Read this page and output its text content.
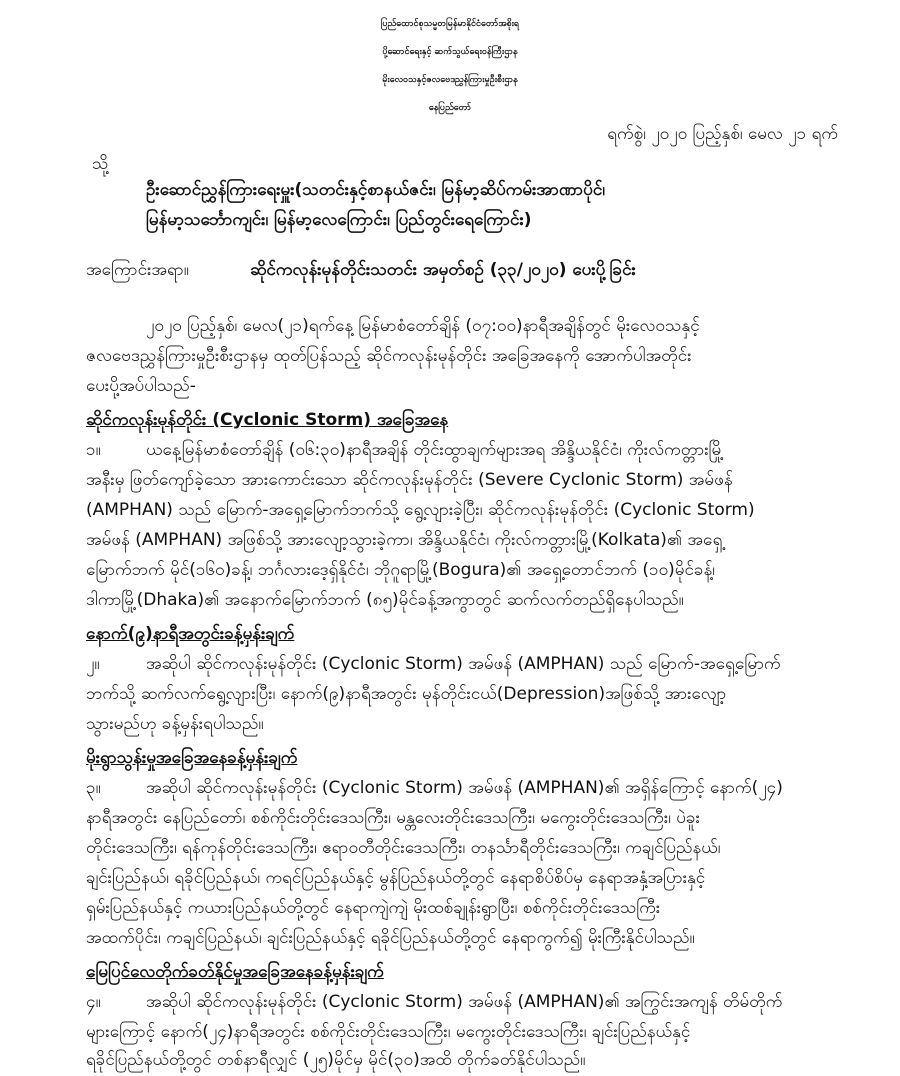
ပြည်ထောင်စုသမ္မတမြန်မာနိုင်ငံတော်အစိုးရ
ပို့ဆောင်ရေးနှင့် ဆက်သွယ်ရေးဝန်ကြီးဌာန
မိုးလေဝသနှင့်ဇလဗေဒညွှန်ကြားမှုဦးစီးဌာန
နေပြည်တော်
ရက်စွဲ၊ ၂၀၂၀ ပြည့်နှစ်၊ မေလ ၂၁ ရက်
သို့
ဦးဆောင်ညွှန်ကြားရေးမှူး(သတင်းနှင့်စာနယ်ဇင်း၊ မြန်မာ့ဆိပ်ကမ်းအာဏာပိုင်၊
မြန်မာ့သင်္ဘောကျင်း၊ မြန်မာ့လေကြောင်း၊ ပြည်တွင်းရေကြောင်း)
အကြောင်းအရာ။	ဆိုင်ကလုန်းမုန်တိုင်းသတင်း အမှတ်စဉ် (၃၃/၂၀၂၀) ပေးပို့ခြင်း
၂၀၂၀ ပြည့်နှစ်၊ မေလ(၂၁)ရက်နေ့ မြန်မာစံတော်ချိန် (၀၇:၀၀)နာရီအချိန်တွင် မိုးလေဝသနှင့်
ဇလဗေဒညွှန်ကြားမှုဦးစီးဌာနမှ ထုတ်ပြန်သည့် ဆိုင်ကလုန်းမုန်တိုင်း အခြေအနေကို အောက်ပါအတိုင်း
ပေးပို့အပ်ပါသည်-
ဆိုင်ကလုန်းမုန်တိုင်း (Cyclonic Storm) အခြေအနေ
၁။	ယနေ့မြန်မာစံတော်ချိန် (၀၆:၃၀)နာရီအချိန် တိုင်းထွာချက်များအရ အိန္ဒိယနိုင်ငံ၊ ကိုးလ်ကတ္တားမြို့
အနီးမှ ဖြတ်ကျော်ခဲ့သော အားကောင်းသော ဆိုင်ကလုန်းမုန်တိုင်း (Severe Cyclonic Storm) အမ်ဖန်
(AMPHAN) သည် မြောက်-အရှေ့မြောက်ဘက်သို့ ရွေ့လျားခဲ့ပြီး၊ ဆိုင်ကလုန်းမုန်တိုင်း (Cyclonic Storm)
အမ်ဖန် (AMPHAN) အဖြစ်သို့ အားလျော့သွားခဲ့ကာ၊ အိန္ဒိယနိုင်ငံ၊ ကိုးလ်ကတ္တားမြို့(Kolkata)၏ အရှေ့
မြောက်ဘက် မိုင်(၁၆၀)ခန့်၊ ဘင်္ဂလားဒေ့ရှ်နိုင်ငံ၊ ဘိုဂူရာမြို့(Bogura)၏ အရှေ့တောင်ဘက် (၁၀)မိုင်ခန့်၊
ဒါကာမြို့(Dhaka)၏ အနောက်မြောက်ဘက် (၈၅)မိုင်ခန့်အကွာတွင် ဆက်လက်တည်ရှိနေပါသည်။
နောက်(၉)နာရီအတွင်းခန့်မှန်းချက်
၂။	အဆိုပါ ဆိုင်ကလုန်းမုန်တိုင်း (Cyclonic Storm) အမ်ဖန် (AMPHAN) သည် မြောက်-အရှေ့မြောက်
ဘက်သို့ ဆက်လက်ရွေ့လျားပြီး၊ နောက်(၉)နာရီအတွင်း မုန်တိုင်းငယ်(Depression)အဖြစ်သို့ အားလျော့
သွားမည်ဟု ခန့်မှန်းရပါသည်။
မိုးရွာသွန်းမှုအခြေအနေခန့်မှန်းချက်
၃။	အဆိုပါ ဆိုင်ကလုန်းမုန်တိုင်း (Cyclonic Storm) အမ်ဖန် (AMPHAN)၏ အရှိန်ကြောင့် နောက်(၂၄)
နာရီအတွင်း နေပြည်တော်၊ စစ်ကိုင်းတိုင်းဒေသကြီး၊ မန္တလေးတိုင်းဒေသကြီး၊ မကွေးတိုင်းဒေသကြီး၊ ပဲခူး
တိုင်းဒေသကြီး၊ ရန်ကုန်တိုင်းဒေသကြီး၊ ဧရာဝတီတိုင်းဒေသကြီး၊ တနင်္သာရီတိုင်းဒေသကြီး၊ ကချင်ပြည်နယ်၊
ချင်းပြည်နယ်၊ ရခိုင်ပြည်နယ်၊ ကရင်ပြည်နယ်နှင့် မွန်ပြည်နယ်တို့တွင် နေရာစိပ်စိပ်မှ နေရာအနှံ့အပြားနှင့်
ရှမ်းပြည်နယ်နှင့် ကယားပြည်နယ်တို့တွင် နေရာကျဲကျဲ မိုးထစ်ချုန်းရွာပြီး၊ စစ်ကိုင်းတိုင်းဒေသကြီး
အထက်ပိုင်း၊ ကချင်ပြည်နယ်၊ ချင်းပြည်နယ်နှင့် ရခိုင်ပြည်နယ်တို့တွင် နေရာကွက်၍ မိုးကြီးနိုင်ပါသည်။
မြေပြင်လေတိုက်ခတ်နိုင်မှုအခြေအနေခန့်မှန်းချက်
၄။	အဆိုပါ ဆိုင်ကလုန်းမုန်တိုင်း (Cyclonic Storm) အမ်ဖန် (AMPHAN)၏ အကြွင်းအကျန် တိမ်တိုက်
များကြောင့် နောက်(၂၄)နာရီအတွင်း စစ်ကိုင်းတိုင်းဒေသကြီး၊ မကွေးတိုင်းဒေသကြီး၊ ချင်းပြည်နယ်နှင့်
ရခိုင်ပြည်နယ်တို့တွင် တစ်နာရီလျှင် (၂၅)မိုင်မှ မိုင်(၃၀)အထိ တိုက်ခတ်နိုင်ပါသည်။
